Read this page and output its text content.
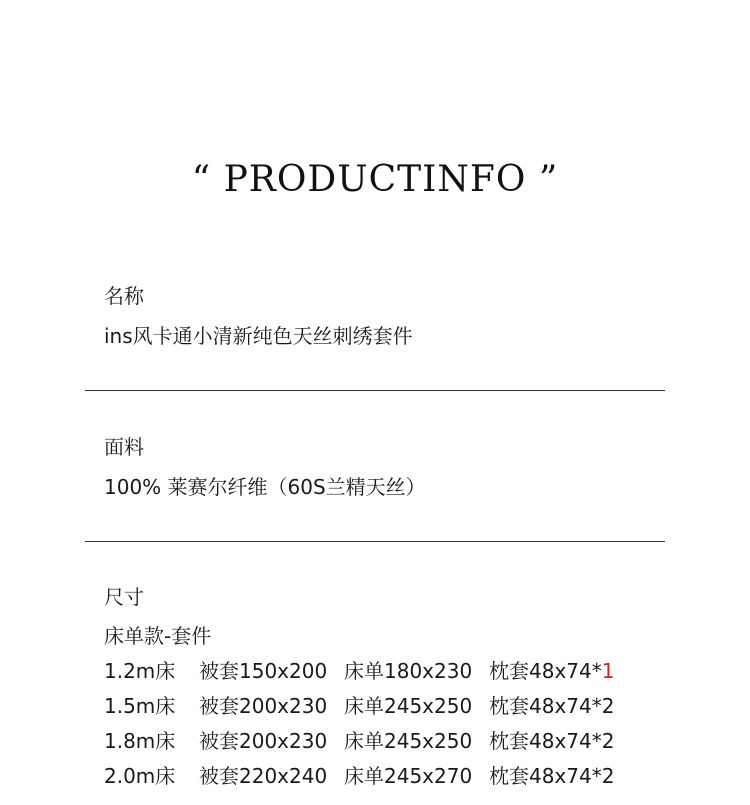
“ PRODUCTINFO ”
名称
ins风卡通小清新纯色天丝刺绣套件
面料
100% 莱赛尔纤维（60S兰精天丝）
尺寸
床单款-套件
1.2m床 被套150x200 床单180x230 枕套48x74*1
1.5m床 被套200x230 床单245x250 枕套48x74*2
1.8m床 被套200x230 床单245x250 枕套48x74*2
2.0m床 被套220x240 床单245x270 枕套48x74*2
